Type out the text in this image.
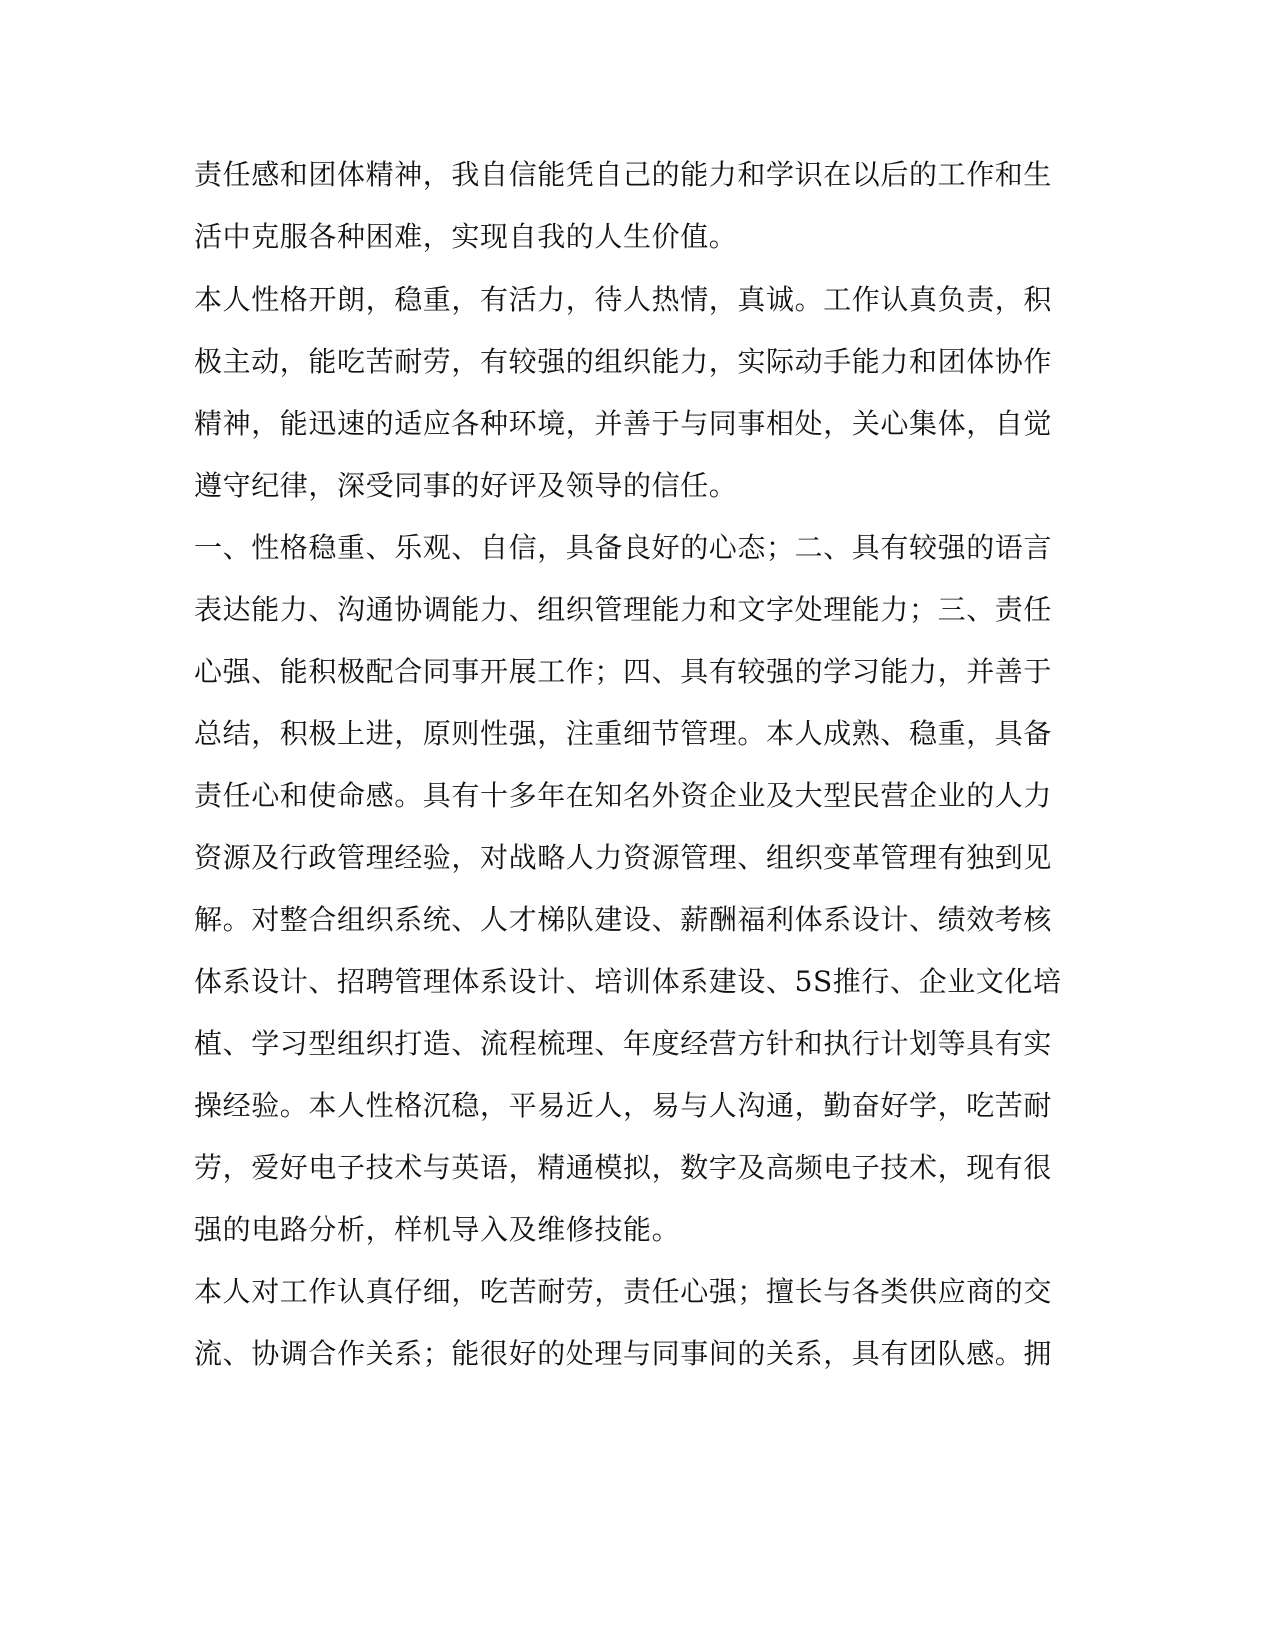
责任感和团体精神，我自信能凭自己的能力和学识在以后的工作和生

活中克服各种困难，实现自我的人生价值。

本人性格开朗，稳重，有活力，待人热情，真诚。工作认真负责，积

极主动，能吃苦耐劳，有较强的组织能力，实际动手能力和团体协作

精神，能迅速的适应各种环境，并善于与同事相处，关心集体，自觉

遵守纪律，深受同事的好评及领导的信任。

一、性格稳重、乐观、自信，具备良好的心态；二、具有较强的语言

表达能力、沟通协调能力、组织管理能力和文字处理能力；三、责任

心强、能积极配合同事开展工作；四、具有较强的学习能力，并善于

总结，积极上进，原则性强，注重细节管理。本人成熟、稳重，具备

责任心和使命感。具有十多年在知名外资企业及大型民营企业的人力

资源及行政管理经验，对战略人力资源管理、组织变革管理有独到见

解。对整合组织系统、人才梯队建设、薪酬福利体系设计、绩效考核

体系设计、招聘管理体系设计、培训体系建设、5S推行、企业文化培

植、学习型组织打造、流程梳理、年度经营方针和执行计划等具有实

操经验。本人性格沉稳，平易近人，易与人沟通，勤奋好学，吃苦耐

劳，爱好电子技术与英语，精通模拟，数字及高频电子技术，现有很

强的电路分析，样机导入及维修技能。

本人对工作认真仔细，吃苦耐劳，责任心强；擅长与各类供应商的交

流、协调合作关系；能很好的处理与同事间的关系，具有团队感。拥
